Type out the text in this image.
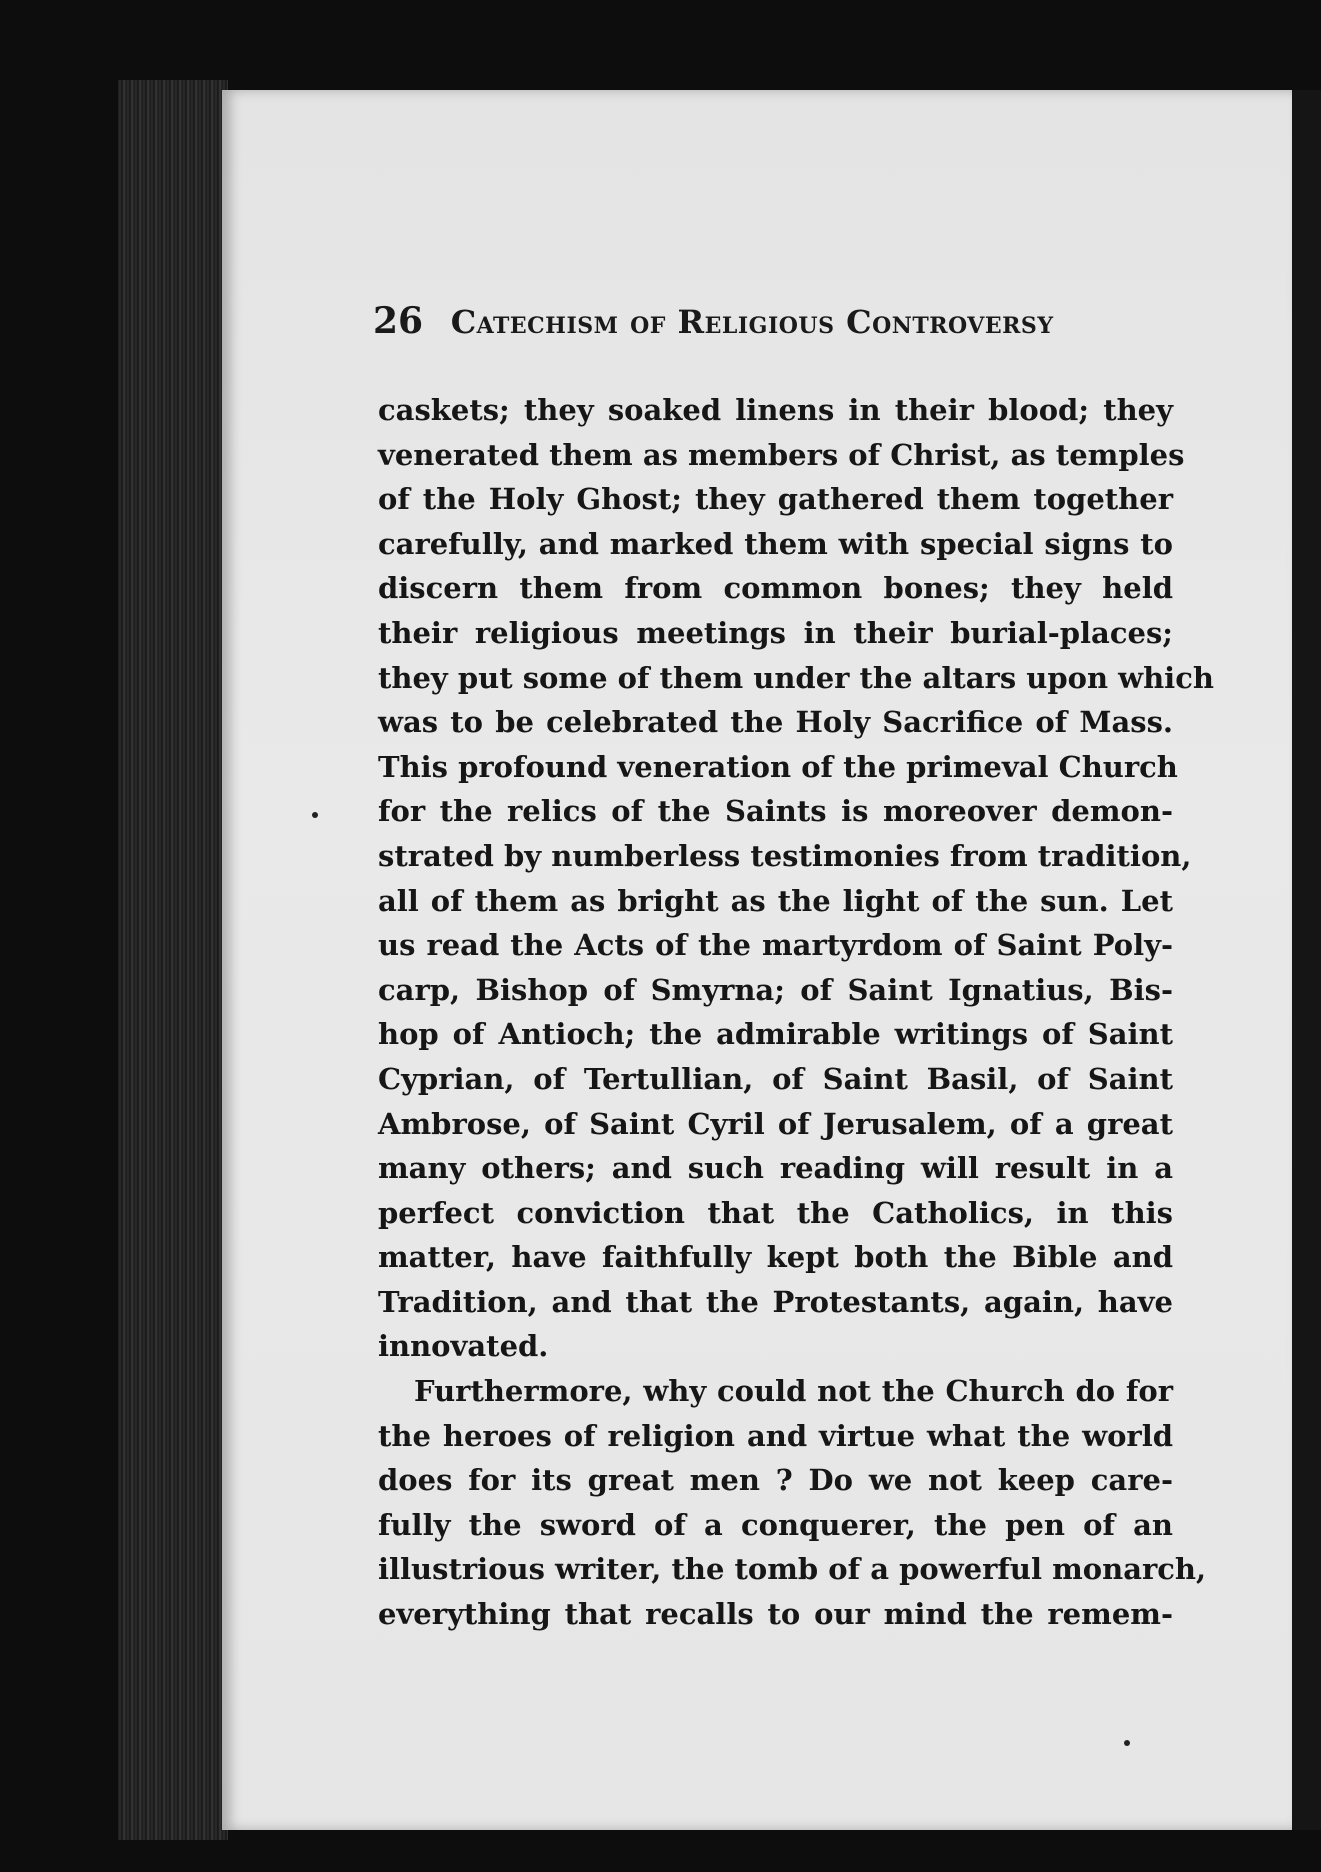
26 Catechism of Religious Controversy
caskets; they soaked linens in their blood; they
venerated them as members of Christ, as temples
of the Holy Ghost; they gathered them together
carefully, and marked them with special signs to
discern them from common bones; they held
their religious meetings in their burial-places;
they put some of them under the altars upon which
was to be celebrated the Holy Sacrifice of Mass.
This profound veneration of the primeval Church
for the relics of the Saints is moreover demon-
strated by numberless testimonies from tradition,
all of them as bright as the light of the sun. Let
us read the Acts of the martyrdom of Saint Poly-
carp, Bishop of Smyrna; of Saint Ignatius, Bis-
hop of Antioch; the admirable writings of Saint
Cyprian, of Tertullian, of Saint Basil, of Saint
Ambrose, of Saint Cyril of Jerusalem, of a great
many others; and such reading will result in a
perfect conviction that the Catholics, in this
matter, have faithfully kept both the Bible and
Tradition, and that the Protestants, again, have
innovated.
Furthermore, why could not the Church do for
the heroes of religion and virtue what the world
does for its great men ? Do we not keep care-
fully the sword of a conquerer, the pen of an
illustrious writer, the tomb of a powerful monarch,
everything that recalls to our mind the remem-
